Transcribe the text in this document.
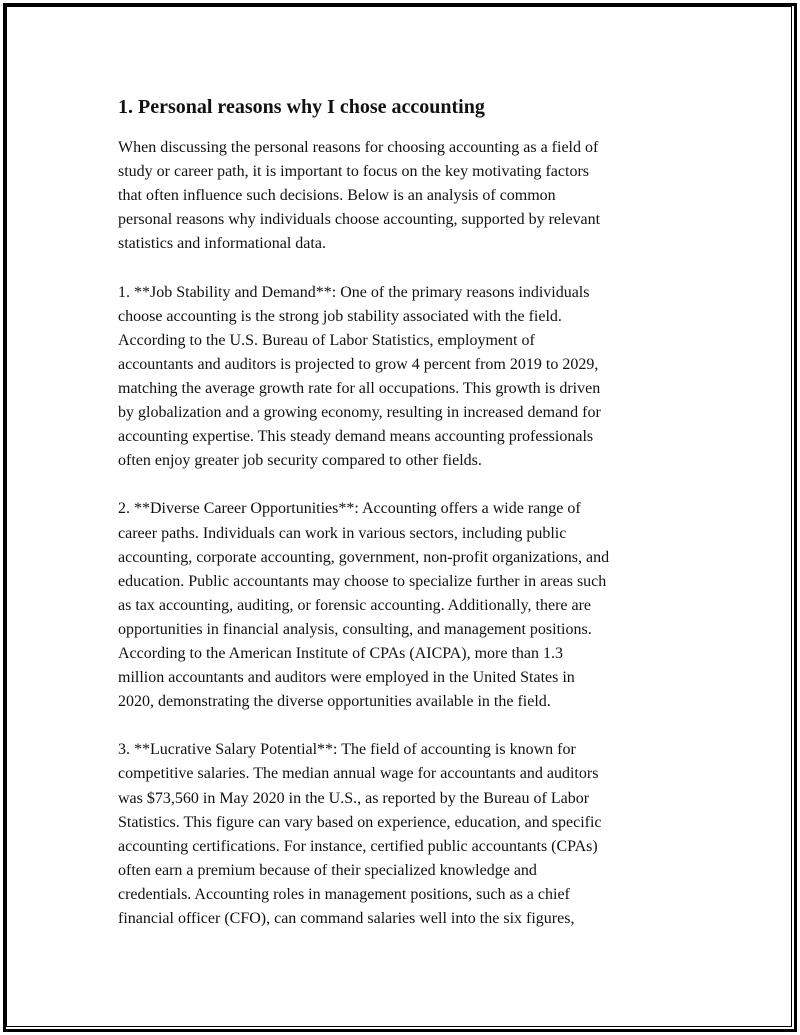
1. Personal reasons why I chose accounting

When discussing the personal reasons for choosing accounting as a field of
study or career path, it is important to focus on the key motivating factors
that often influence such decisions. Below is an analysis of common
personal reasons why individuals choose accounting, supported by relevant
statistics and informational data.

1. **Job Stability and Demand**: One of the primary reasons individuals
choose accounting is the strong job stability associated with the field.
According to the U.S. Bureau of Labor Statistics, employment of
accountants and auditors is projected to grow 4 percent from 2019 to 2029,
matching the average growth rate for all occupations. This growth is driven
by globalization and a growing economy, resulting in increased demand for
accounting expertise. This steady demand means accounting professionals
often enjoy greater job security compared to other fields.

2. **Diverse Career Opportunities**: Accounting offers a wide range of
career paths. Individuals can work in various sectors, including public
accounting, corporate accounting, government, non-profit organizations, and
education. Public accountants may choose to specialize further in areas such
as tax accounting, auditing, or forensic accounting. Additionally, there are
opportunities in financial analysis, consulting, and management positions.
According to the American Institute of CPAs (AICPA), more than 1.3
million accountants and auditors were employed in the United States in
2020, demonstrating the diverse opportunities available in the field.

3. **Lucrative Salary Potential**: The field of accounting is known for
competitive salaries. The median annual wage for accountants and auditors
was $73,560 in May 2020 in the U.S., as reported by the Bureau of Labor
Statistics. This figure can vary based on experience, education, and specific
accounting certifications. For instance, certified public accountants (CPAs)
often earn a premium because of their specialized knowledge and
credentials. Accounting roles in management positions, such as a chief
financial officer (CFO), can command salaries well into the six figures,
